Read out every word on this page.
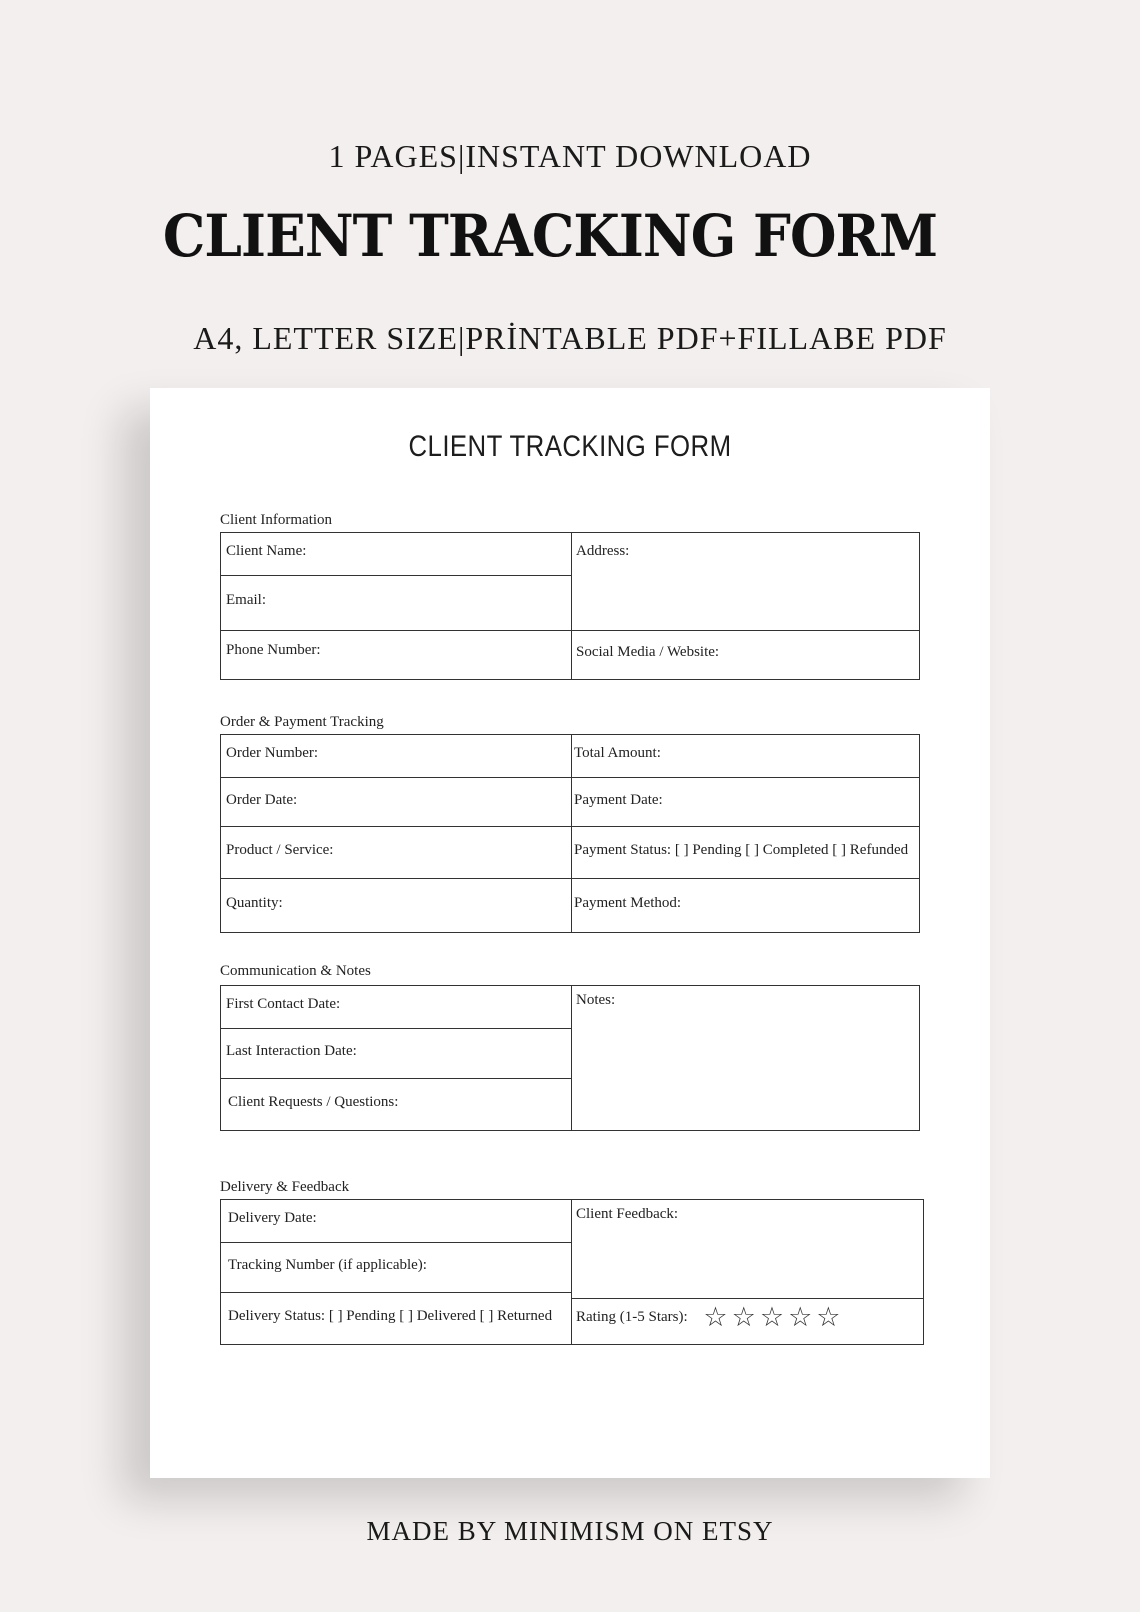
1 PAGES|INSTANT DOWNLOAD
CLIENT TRACKING FORM
A4, LETTER SIZE|PRİNTABLE PDF+FILLABE PDF
CLIENT TRACKING FORM
Client Information
Client Name:
Email:
Phone Number:
Address:
Social Media / Website:
Order & Payment Tracking
Order Number:
Order Date:
Product / Service:
Quantity:
Total Amount:
Payment Date:
Payment Status: [ ] Pending [ ] Completed [ ] Refunded
Payment Method:
Communication & Notes
First Contact Date:
Last Interaction Date:
Client Requests / Questions:
Notes:
Delivery & Feedback
Delivery Date:
Tracking Number (if applicable):
Delivery Status: [ ] Pending [ ] Delivered [ ] Returned
Client Feedback:
Rating (1-5 Stars): ☆ ☆ ☆ ☆ ☆
MADE BY MINIMISM ON ETSY
